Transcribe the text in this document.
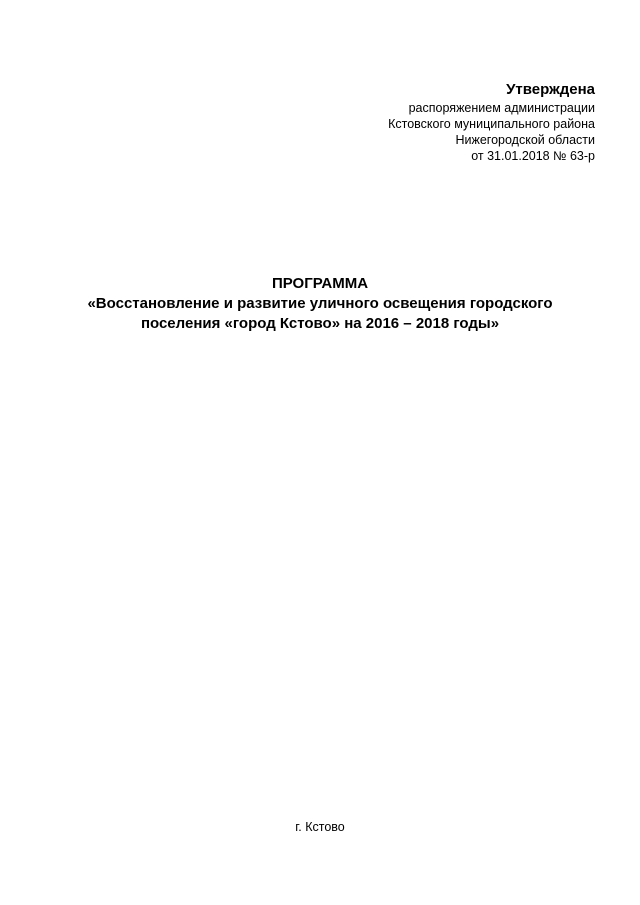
Утверждена
распоряжением администрации
Кстовского муниципального района
Нижегородской области
от 31.01.2018 № 63-р
ПРОГРАММА
«Восстановление и развитие уличного освещения городского
поселения «город Кстово» на 2016 – 2018 годы»
г. Кстово
